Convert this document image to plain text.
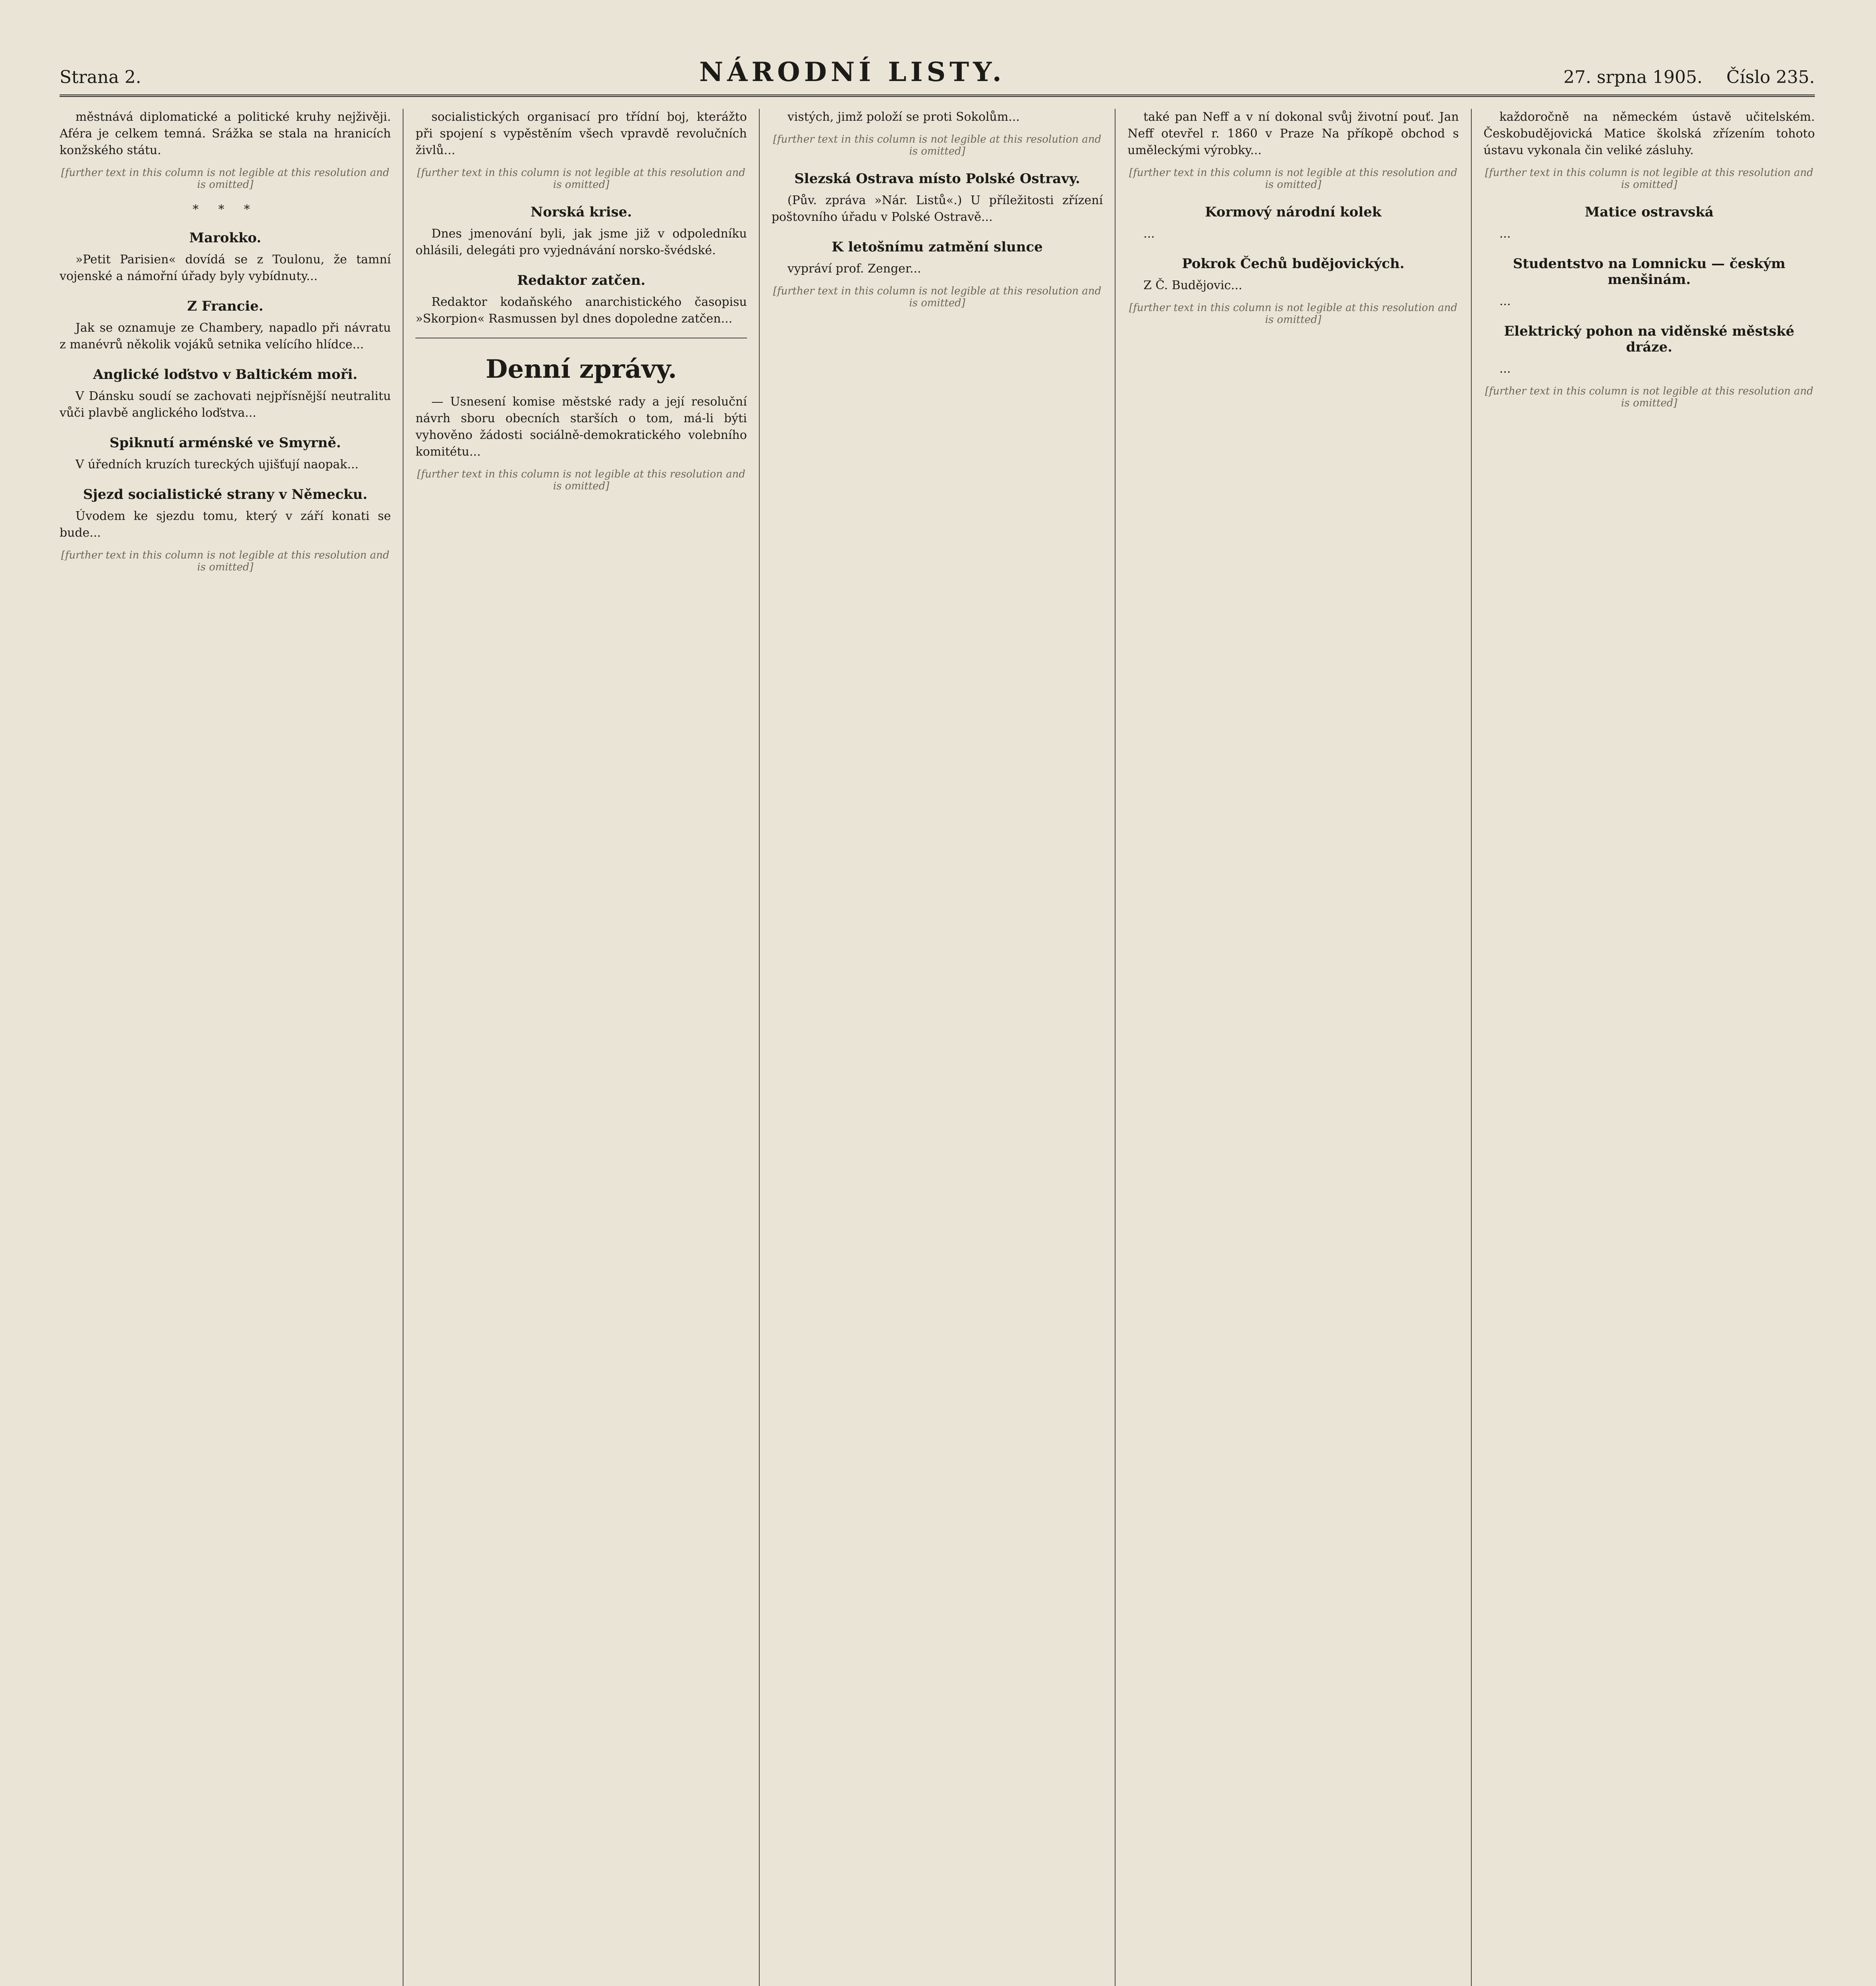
Strana 2.	NÁRODNÍ LISTY.	27. srpna 1905. Číslo 235.

městnává diplomatické a politické kruhy nejživěji. Aféra je celkem temná. Srážka se stala na hranicích konžského státu.

[further text in this column is not legible at this resolution and is omitted]
* * *
Marokko.

»Petit Parisien« dovídá se z Toulonu, že tamní vojenské a námořní úřady byly vybídnuty...

Z Francie.

Jak se oznamuje ze Chambery, napadlo při návratu z manévrů několik vojáků setnika velícího hlídce...

Anglické loďstvo v Baltickém moři.

V Dánsku soudí se zachovati nejpřísnější neutralitu vůči plavbě anglického loďstva...

Spiknutí arménské ve Smyrně.

V úředních kruzích tureckých ujišťují naopak...

Sjezd socialistické strany v Německu.

Úvodem ke sjezdu tomu, který v září konati se bude...

[further text in this column is not legible at this resolution and is omitted]

socialistických organisací pro třídní boj, kterážto při spojení s vypěstěním všech vpravdě revolučních živlů...

[further text in this column is not legible at this resolution and is omitted]
Norská krise.

Dnes jmenování byli, jak jsme již v odpoledníku ohlásili, delegáti pro vyjednávání norsko-švédské.

Redaktor zatčen.

Redaktor kodaňského anarchistického časopisu »Skorpion« Rasmussen byl dnes dopoledne zatčen...

Denní zprávy.

— Usnesení komise městské rady a její resoluční návrh sboru obecních starších o tom, má-li býti vyhověno žádosti sociálně-demokratického volebního komitétu...

[further text in this column is not legible at this resolution and is omitted]

vistých, jimž položí se proti Sokolům...

[further text in this column is not legible at this resolution and is omitted]
Slezská Ostrava místo Polské Ostravy.

(Pův. zpráva »Nár. Listů«.) U příležitosti zřízení poštovního úřadu v Polské Ostravě...

K letošnímu zatmění slunce

vypráví prof. Zenger...

[further text in this column is not legible at this resolution and is omitted]

také pan Neff a v ní dokonal svůj životní pouť. Jan Neff otevřel r. 1860 v Praze Na příkopě obchod s uměleckými výrobky...

[further text in this column is not legible at this resolution and is omitted]
Kormový národní kolek

...

Pokrok Čechů budějovických.

Z Č. Budějovic...

[further text in this column is not legible at this resolution and is omitted]

každoročně na německém ústavě učitelském. Českobudějovická Matice školská zřízením tohoto ústavu vykonala čin veliké zásluhy.

[further text in this column is not legible at this resolution and is omitted]
Matice ostravská

...

Studentstvo na Lomnicku — českým menšinám.

...

Elektrický pohon na viděnské městské dráze.

...

[further text in this column is not legible at this resolution and is omitted]
